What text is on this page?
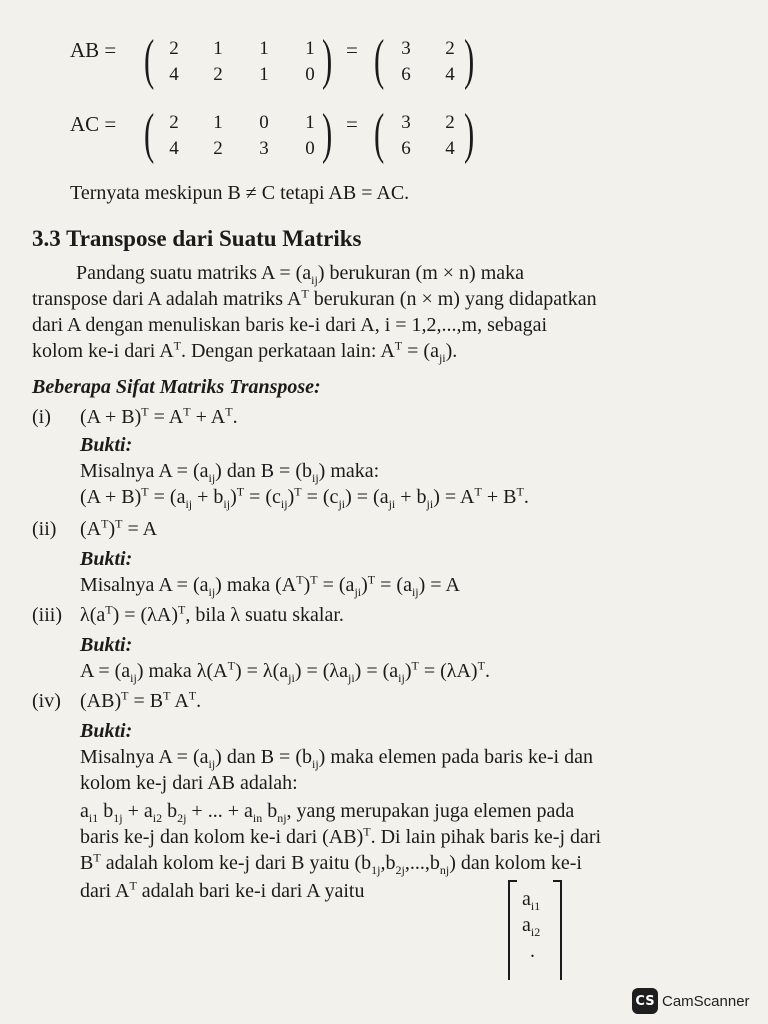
AB = ( 2 1 1 1
4 2 1 0 ) = ( 3 2
6 4 )
AC = ( 2 1 0 1
4 2 3 0 ) = ( 3 2
6 4 )
Ternyata meskipun B ≠ C tetapi AB = AC.
3.3 Transpose dari Suatu Matriks
Pandang suatu matriks $A = (a_{ij})$ berukuran (m × n) maka
transpose dari A adalah matriks $A^T$ berukuran (n × m) yang didapatkan
dari A dengan menuliskan baris ke-i dari A, i = 1,2,...,m, sebagai
kolom ke-i dari $A^T$. Dengan perkataan lain: $A^T = (a_{ji})$.
Beberapa Sifat Matriks Transpose:
(i) $(A + B)^T = A^T + A^T$.
Bukti:
Misalnya $A = (a_{ij})$ dan $B = (b_{ij})$ maka:
$(A + B)^T = (a_{ij} + b_{ij})^T = (c_{ij})^T = (c_{ji}) = (a_{ji} + b_{ji}) = A^T + B^T$.
(ii) $(A^T)^T = A$
Bukti:
Misalnya $A = (a_{ij})$ maka $(A^T)^T = (a_{ji})^T = (a_{ij}) = A$
(iii) $\lambda(a^T) = (\lambda A)^T$, bila λ suatu skalar.
Bukti:
$A = (a_{ij})$ maka $\lambda(A^T) = \lambda(a_{ji}) = (\lambda a_{ji}) = (a_{ij})^T = (\lambda A)^T$.
(iv) $(AB)^T = B^T$ $A^T$.
Bukti:
Misalnya $A = (a_{ij})$ dan $B = (b_{ij})$ maka elemen pada baris ke-i dan
kolom ke-j dari AB adalah:
$a_{i1}$ $b_{1j} + a_{i2}$ $b_{2j}$ + ... + $a_{in}$ $b_{nj}$, yang merupakan juga elemen pada
baris ke-j dan kolom ke-i dari (AB)$^T$. Di lain pihak baris ke-j dari
$B^T$ adalah kolom ke-j dari B yaitu $(b_{1j},b_{2j},...,b_{nj})$ dan kolom ke-i
dari $A^T$ adalah bari ke-i dari A yaitu	$a_{i1}$
$a_{i2}$
.
CS CamScanner
